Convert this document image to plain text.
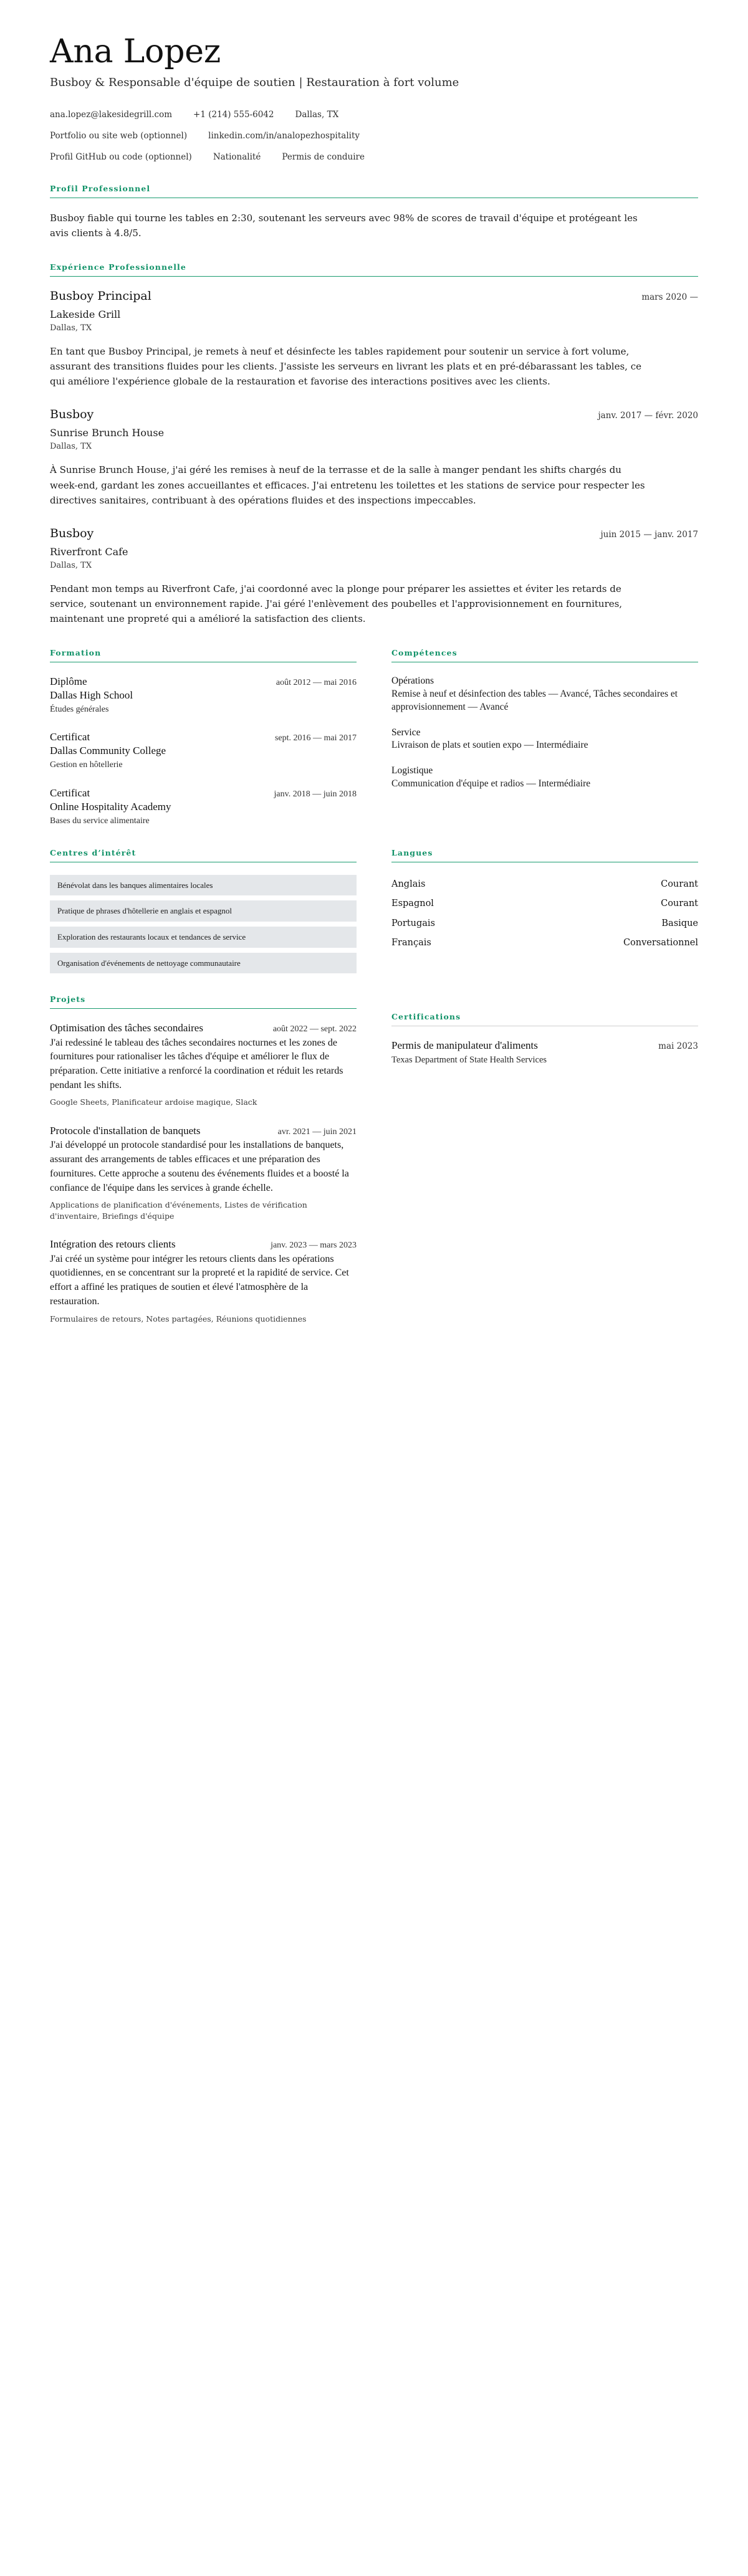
Ana Lopez
Busboy & Responsable d'équipe de soutien | Restauration à fort volume
ana.lopez@lakesidegrill.com	+1 (214) 555-6042	Dallas, TX
Portfolio ou site web (optionnel)	linkedin.com/in/analopezhospitality
Profil GitHub ou code (optionnel)	Nationalité	Permis de conduire
Profil Professionnel

Busboy fiable qui tourne les tables en 2:30, soutenant les serveurs avec 98% de scores de travail d'équipe et protégeant les avis clients à 4.8/5.

Expérience Professionnelle
Busboy Principal	mars 2020 —
Lakeside Grill
Dallas, TX
En tant que Busboy Principal, je remets à neuf et désinfecte les tables rapidement pour soutenir un service à fort volume, assurant des transitions fluides pour les clients. J'assiste les serveurs en livrant les plats et en pré-débarassant les tables, ce qui améliore l'expérience globale de la restauration et favorise des interactions positives avec les clients.
Busboy	janv. 2017 — févr. 2020
Sunrise Brunch House
Dallas, TX
À Sunrise Brunch House, j'ai géré les remises à neuf de la terrasse et de la salle à manger pendant les shifts chargés du week-end, gardant les zones accueillantes et efficaces. J'ai entretenu les toilettes et les stations de service pour respecter les directives sanitaires, contribuant à des opérations fluides et des inspections impeccables.
Busboy	juin 2015 — janv. 2017
Riverfront Cafe
Dallas, TX
Pendant mon temps au Riverfront Cafe, j'ai coordonné avec la plonge pour préparer les assiettes et éviter les retards de service, soutenant un environnement rapide. J'ai géré l'enlèvement des poubelles et l'approvisionnement en fournitures, maintenant une propreté qui a amélioré la satisfaction des clients.
Formation
Diplôme	août 2012 — mai 2016
Dallas High School
Études générales
Certificat	sept. 2016 — mai 2017
Dallas Community College
Gestion en hôtellerie
Certificat	janv. 2018 — juin 2018
Online Hospitality Academy
Bases du service alimentaire
Compétences
Opérations
Remise à neuf et désinfection des tables — Avancé, Tâches secondaires et approvisionnement — Avancé
Service
Livraison de plats et soutien expo — Intermédiaire
Logistique
Communication d'équipe et radios — Intermédiaire
Centres d’intérêt
Bénévolat dans les banques alimentaires locales
Pratique de phrases d'hôtellerie en anglais et espagnol
Exploration des restaurants locaux et tendances de service
Organisation d'événements de nettoyage communautaire
Langues
Anglais	Courant
Espagnol	Courant
Portugais	Basique
Français	Conversationnel
Projets
Optimisation des tâches secondaires	août 2022 — sept. 2022
J'ai redessiné le tableau des tâches secondaires nocturnes et les zones de fournitures pour rationaliser les tâches d'équipe et améliorer le flux de préparation. Cette initiative a renforcé la coordination et réduit les retards pendant les shifts.
Google Sheets, Planificateur ardoise magique, Slack
Protocole d'installation de banquets	avr. 2021 — juin 2021
J'ai développé un protocole standardisé pour les installations de banquets, assurant des arrangements de tables efficaces et une préparation des fournitures. Cette approche a soutenu des événements fluides et a boosté la confiance de l'équipe dans les services à grande échelle.
Applications de planification d'événements, Listes de vérification d'inventaire, Briefings d'équipe
Intégration des retours clients	janv. 2023 — mars 2023
J'ai créé un système pour intégrer les retours clients dans les opérations quotidiennes, en se concentrant sur la propreté et la rapidité de service. Cet effort a affiné les pratiques de soutien et élevé l'atmosphère de la restauration.
Formulaires de retours, Notes partagées, Réunions quotidiennes
Certifications
Permis de manipulateur d'aliments	mai 2023
Texas Department of State Health Services
